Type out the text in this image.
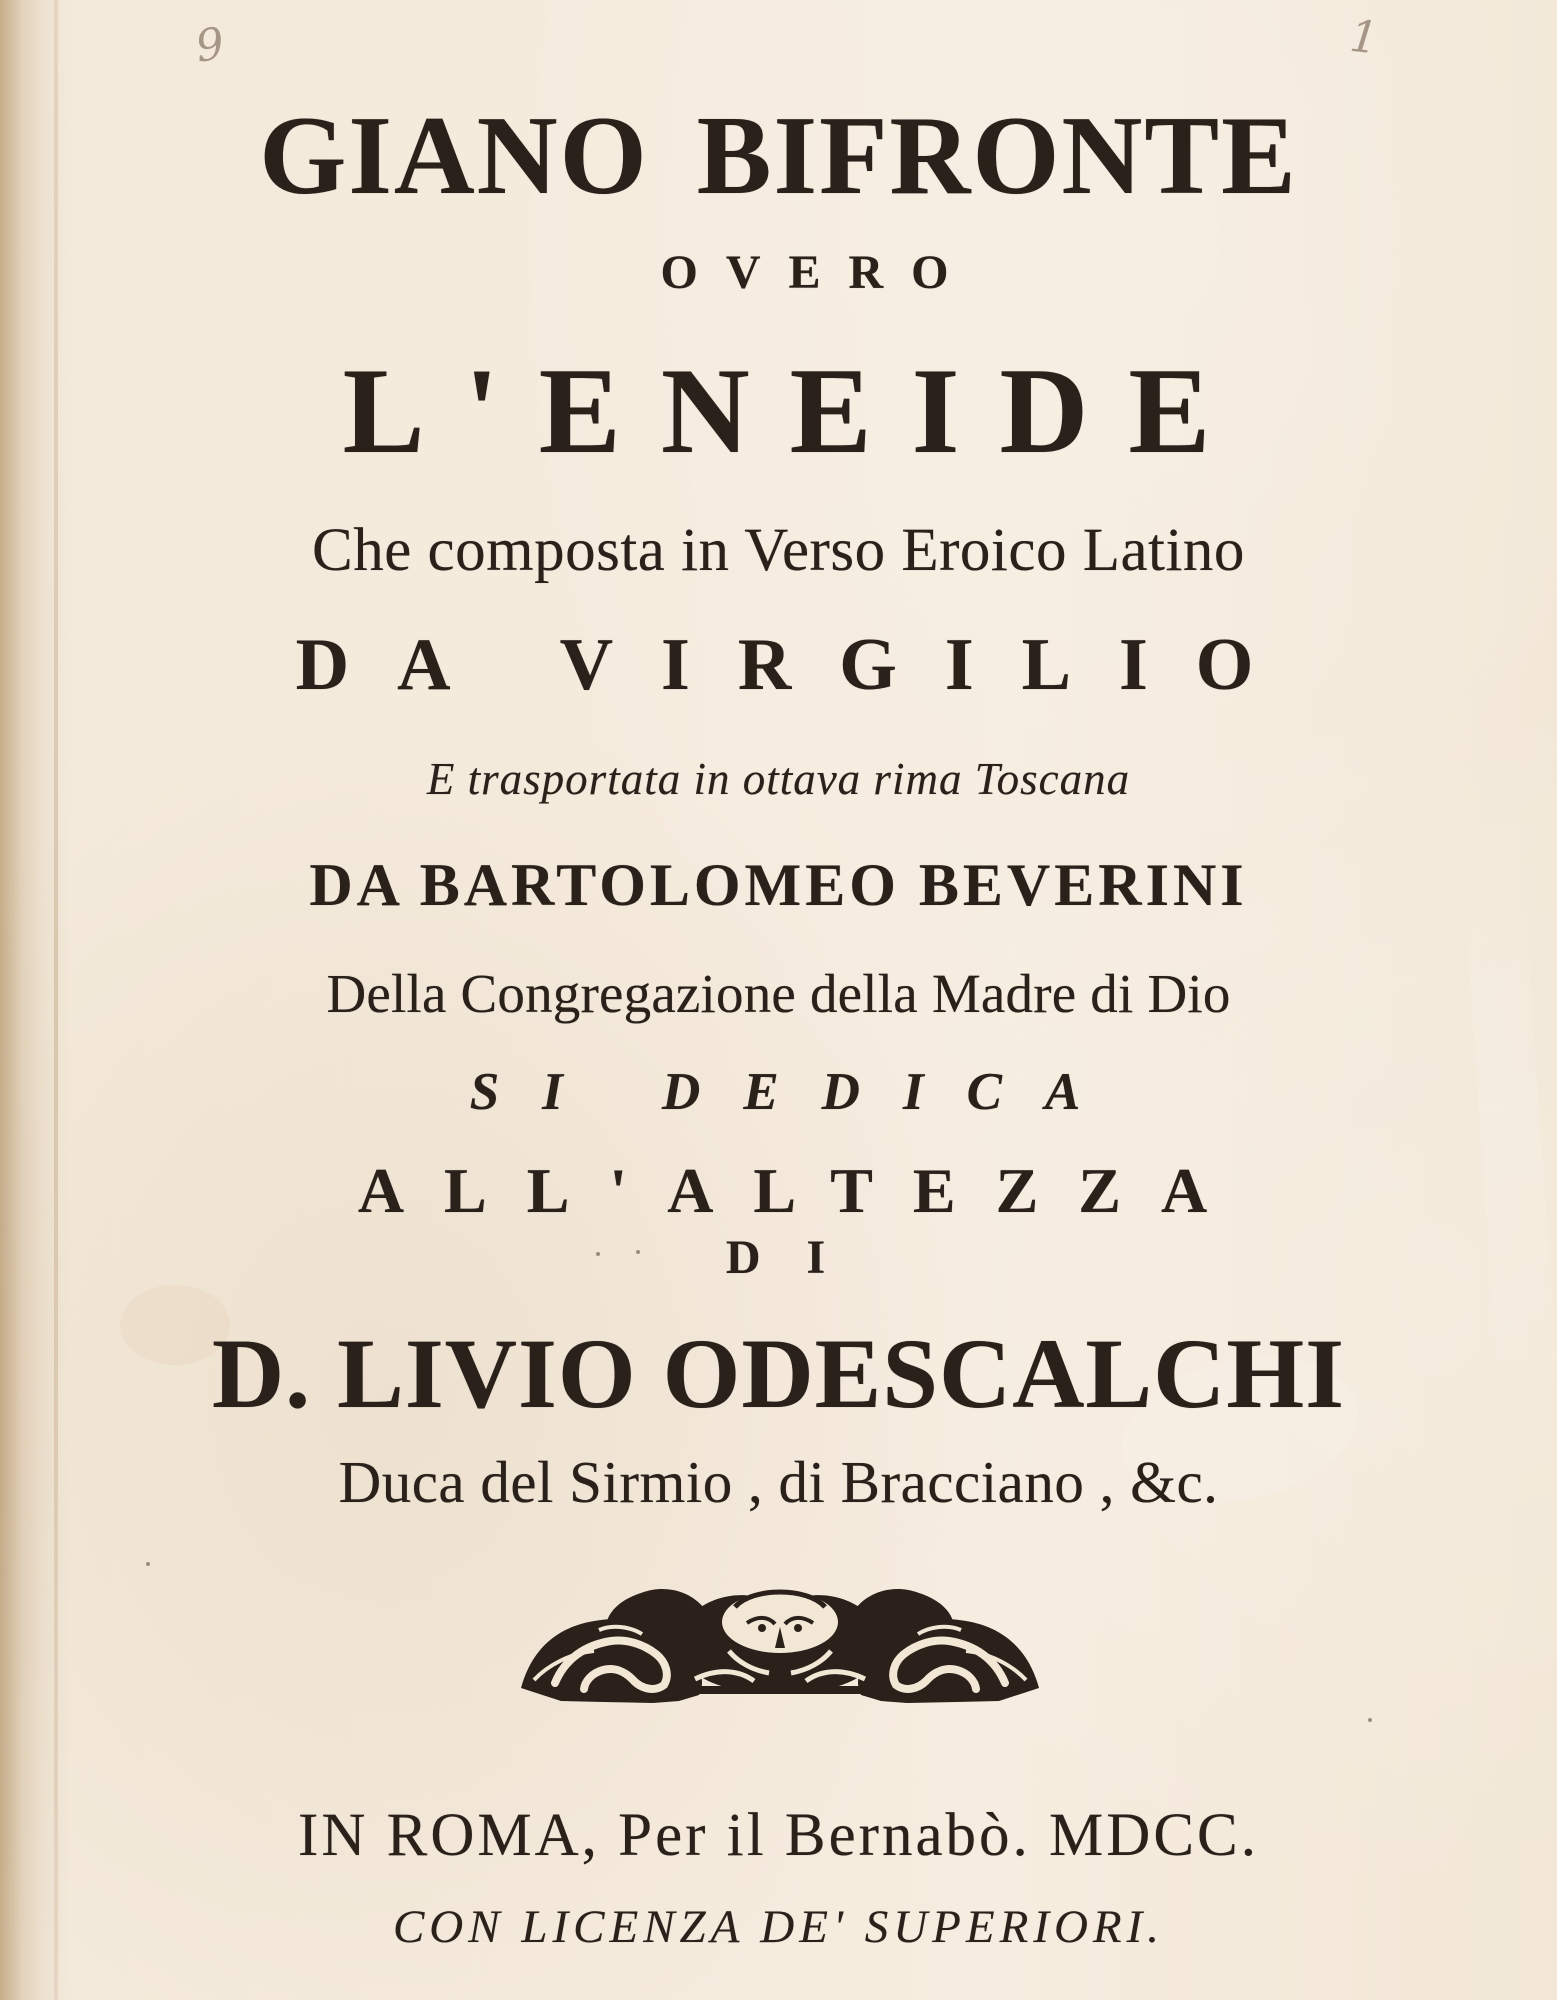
9	1
GIANO BIFRONTE
OVERO
L'ENEIDE
Che composta in Verso Eroico Latino
DA VIRGILIO
E trasportata in ottava rima Toscana
DA BARTOLOMEO BEVERINI
Della Congregazione della Madre di Dio
SI DEDICA
ALL'ALTEZZA
DI
D. LIVIO ODESCALCHI
Duca del Sirmio , di Bracciano , &c.
IN ROMA, Per il Bernabò. MDCC.
CON LICENZA DE' SUPERIORI.
